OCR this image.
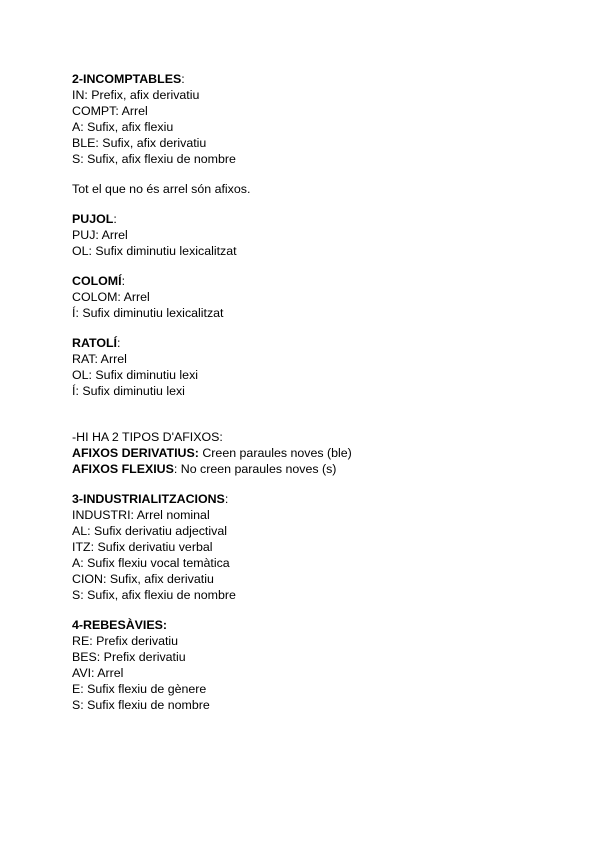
2-INCOMPTABLES:
IN: Prefix, afix derivatiu
COMPT: Arrel
A: Sufix, afix flexiu
BLE: Sufix, afix derivatiu
S: Sufix, afix flexiu de nombre
Tot el que no és arrel són afixos.
PUJOL:
PUJ: Arrel
OL: Sufix diminutiu lexicalitzat
COLOMÍ:
COLOM: Arrel
Í: Sufix diminutiu lexicalitzat
RATOLÍ:
RAT: Arrel
OL: Sufix diminutiu lexi
Í: Sufix diminutiu lexi
-HI HA 2 TIPOS D'AFIXOS:
AFIXOS DERIVATIUS: Creen paraules noves (ble)
AFIXOS FLEXIUS: No creen paraules noves (s)
3-INDUSTRIALITZACIONS:
INDUSTRI: Arrel nominal
AL: Sufix derivatiu adjectival
ITZ: Sufix derivatiu verbal
A: Sufix flexiu vocal temàtica
CION: Sufix, afix derivatiu
S: Sufix, afix flexiu de nombre
4-REBESÀVIES:
RE: Prefix derivatiu
BES: Prefix derivatiu
AVI: Arrel
E: Sufix flexiu de gènere
S: Sufix flexiu de nombre
